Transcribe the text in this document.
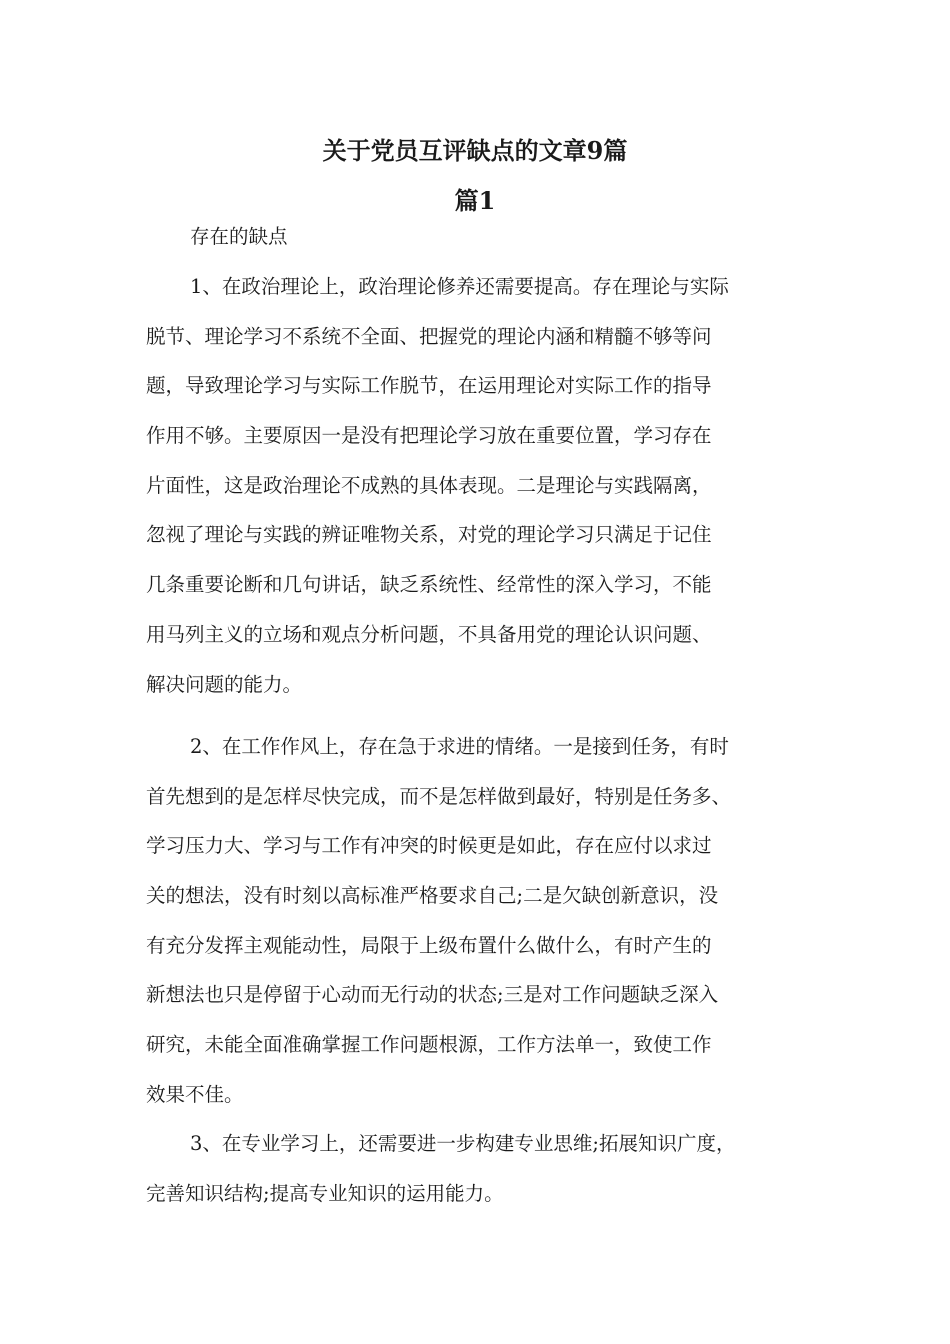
关于党员互评缺点的文章9篇
篇1

存在的缺点

1、在政治理论上，政治理论修养还需要提高。存在理论与实际
脱节、理论学习不系统不全面、把握党的理论内涵和精髓不够等问
题，导致理论学习与实际工作脱节，在运用理论对实际工作的指导
作用不够。主要原因一是没有把理论学习放在重要位置，学习存在
片面性，这是政治理论不成熟的具体表现。二是理论与实践隔离，
忽视了理论与实践的辨证唯物关系，对党的理论学习只满足于记住
几条重要论断和几句讲话，缺乏系统性、经常性的深入学习，不能
用马列主义的立场和观点分析问题，不具备用党的理论认识问题、
解决问题的能力。

2、在工作作风上，存在急于求进的情绪。一是接到任务，有时
首先想到的是怎样尽快完成，而不是怎样做到最好，特别是任务多、
学习压力大、学习与工作有冲突的时候更是如此，存在应付以求过
关的想法，没有时刻以高标准严格要求自己;二是欠缺创新意识，没
有充分发挥主观能动性，局限于上级布置什么做什么，有时产生的
新想法也只是停留于心动而无行动的状态;三是对工作问题缺乏深入
研究，未能全面准确掌握工作问题根源，工作方法单一，致使工作
效果不佳。

3、在专业学习上，还需要进一步构建专业思维;拓展知识广度，
完善知识结构;提高专业知识的运用能力。
